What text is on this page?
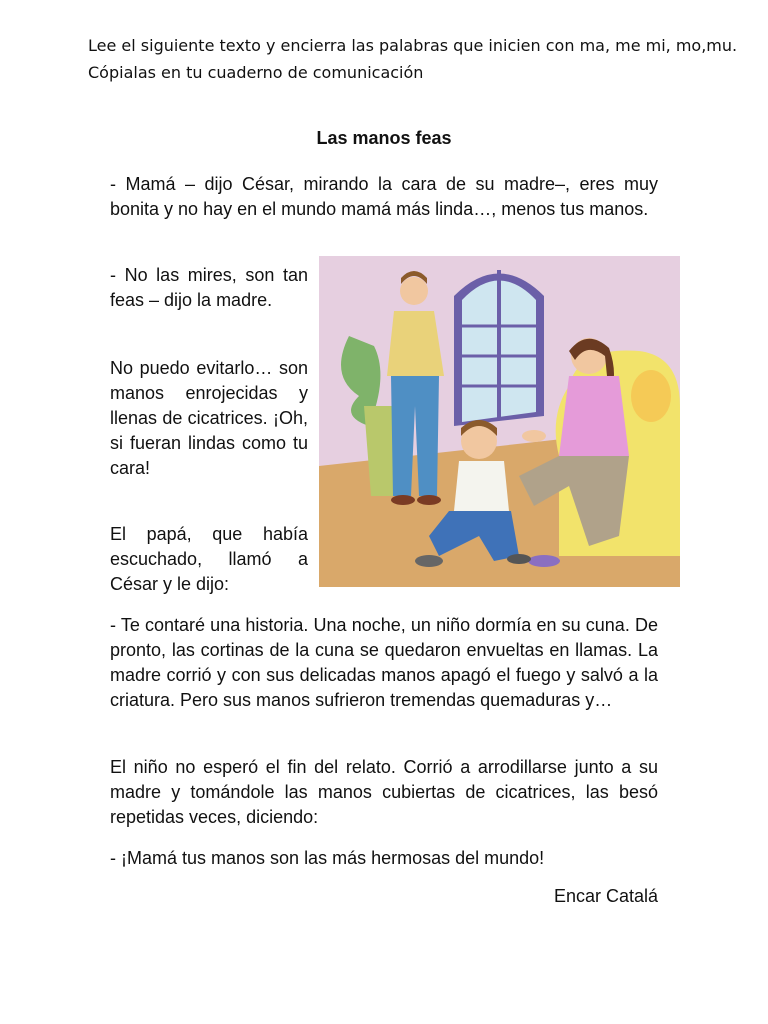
Lee el siguiente texto y encierra las palabras que inicien con ma, me mi, mo,mu. Cópialas en tu cuaderno de comunicación

Las manos feas

- Mamá – dijo César, mirando la cara de su madre–, eres muy bonita y no hay en el mundo mamá más linda…, menos tus manos.

- No las mires, son tan feas – dijo la madre.

No puedo evitarlo… son manos enrojecidas y llenas de cicatrices. ¡Oh, si fueran lindas como tu cara!

El papá, que había escuchado, llamó a César y le dijo:

- Te contaré una historia. Una noche, un niño dormía en su cuna. De pronto, las cortinas de la cuna se quedaron envueltas en llamas. La madre corrió y con sus delicadas manos apagó el fuego y salvó a la criatura. Pero sus manos sufrieron tremendas quemaduras y…

El niño no esperó el fin del relato. Corrió a arrodillarse junto a su madre y tomándole las manos cubiertas de cicatrices, las besó repetidas veces, diciendo:

- ¡Mamá tus manos son las más hermosas del mundo!

Encar Catalá
